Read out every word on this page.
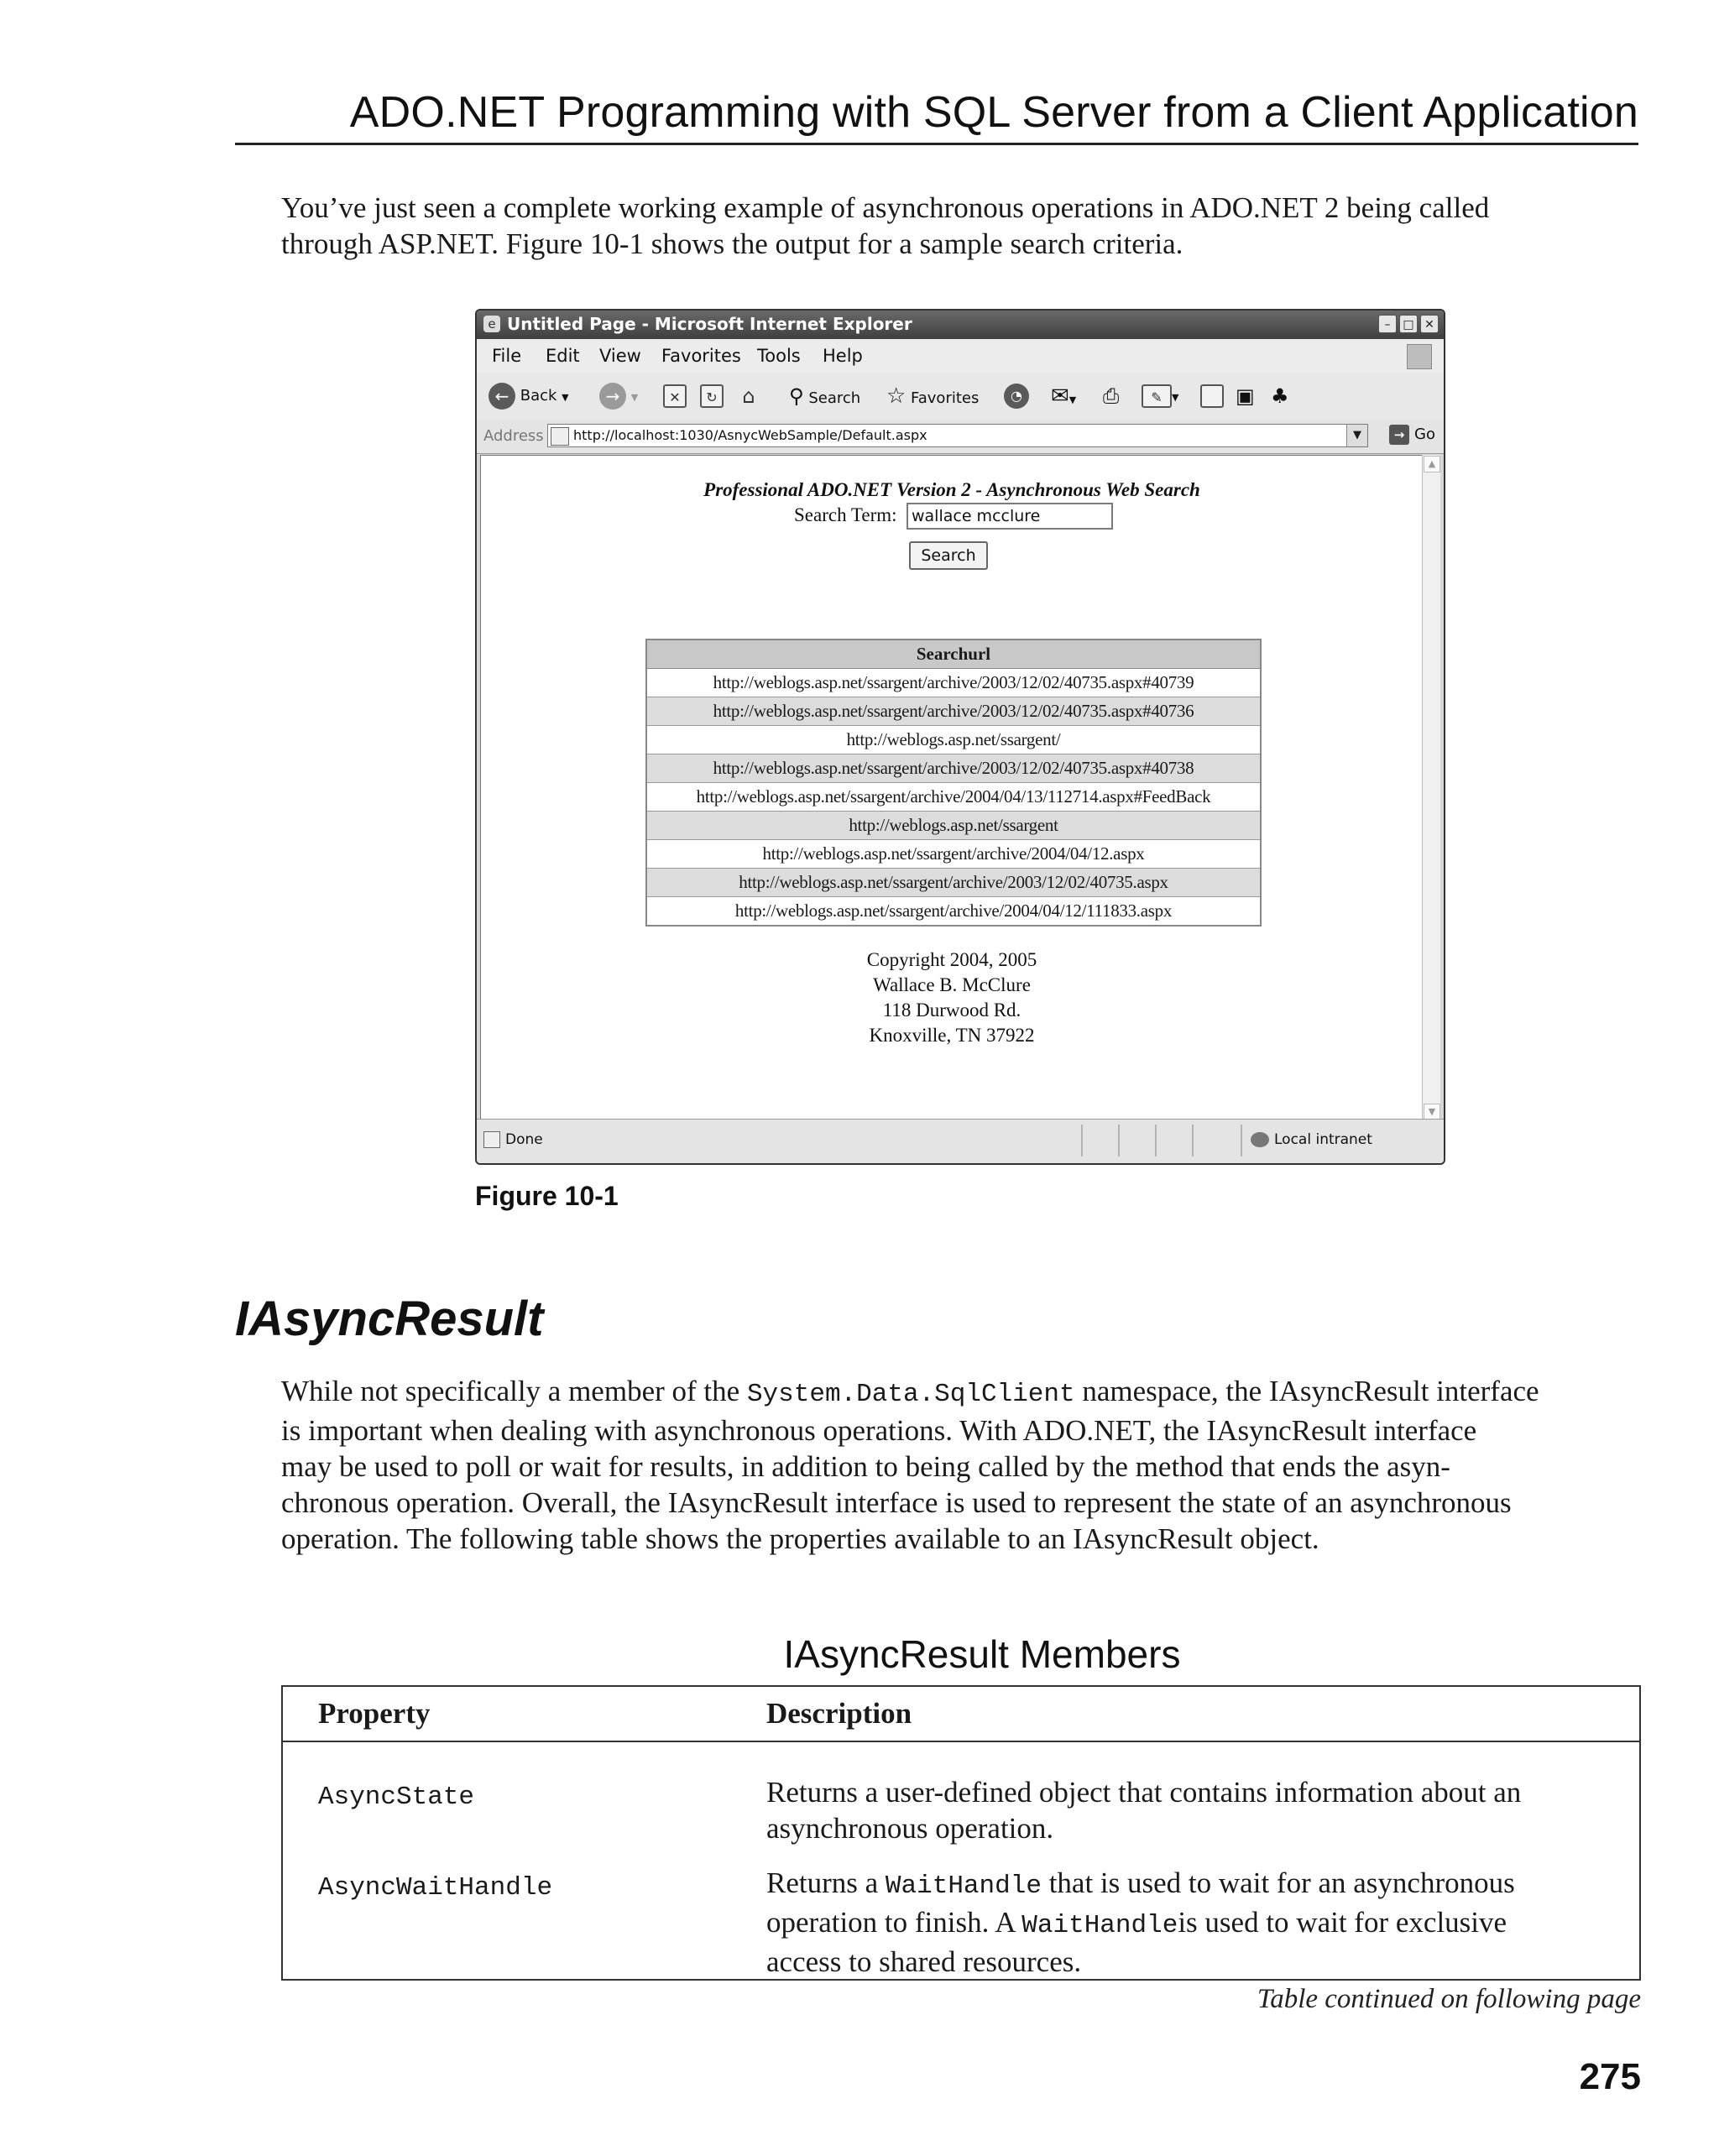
ADO.NET Programming with SQL Server from a Client Application
You’ve just seen a complete working example of asynchronous operations in ADO.NET 2 being called
through ASP.NET. Figure 10-1 shows the output for a sample search criteria.
e Untitled Page - Microsoft Internet Explorer	– □ ✕
File Edit View Favorites Tools Help
← Back ▼	→ ▼	✕	↻	⌂ ⚲ Search ☆ Favorites	◔	✉▼ ⎙	✎ ▼	▣ ♣
Address http://localhost:1030/AsnycWebSample/Default.aspx	▼	→ Go
Professional ADO.NET Version 2 - Asynchronous Web Search
Search Term: wallace mcclure
Search
Searchurl
http://weblogs.asp.net/ssargent/archive/2003/12/02/40735.aspx#40739
http://weblogs.asp.net/ssargent/archive/2003/12/02/40735.aspx#40736
http://weblogs.asp.net/ssargent/
http://weblogs.asp.net/ssargent/archive/2003/12/02/40735.aspx#40738
http://weblogs.asp.net/ssargent/archive/2004/04/13/112714.aspx#FeedBack
http://weblogs.asp.net/ssargent
http://weblogs.asp.net/ssargent/archive/2004/04/12.aspx
http://weblogs.asp.net/ssargent/archive/2003/12/02/40735.aspx
http://weblogs.asp.net/ssargent/archive/2004/04/12/111833.aspx
Copyright 2004, 2005
Wallace B. McClure
118 Durwood Rd.
Knoxville, TN 37922
▲
▼
Done	Local intranet
Figure 10-1
IAsyncResult
While not specifically a member of the System.Data.SqlClient namespace, the IAsyncResult interface
is important when dealing with asynchronous operations. With ADO.NET, the IAsyncResult interface
may be used to poll or wait for results, in addition to being called by the method that ends the asyn-
chronous operation. Overall, the IAsyncResult interface is used to represent the state of an asynchronous
operation. The following table shows the properties available to an IAsyncResult object.
IAsyncResult Members
Property	Description
AsyncState	Returns a user-defined object that contains information about an
asynchronous operation.
AsyncWaitHandle	Returns a WaitHandle that is used to wait for an asynchronous
operation to finish. A WaitHandleis used to wait for exclusive
access to shared resources.
Table continued on following page
275
